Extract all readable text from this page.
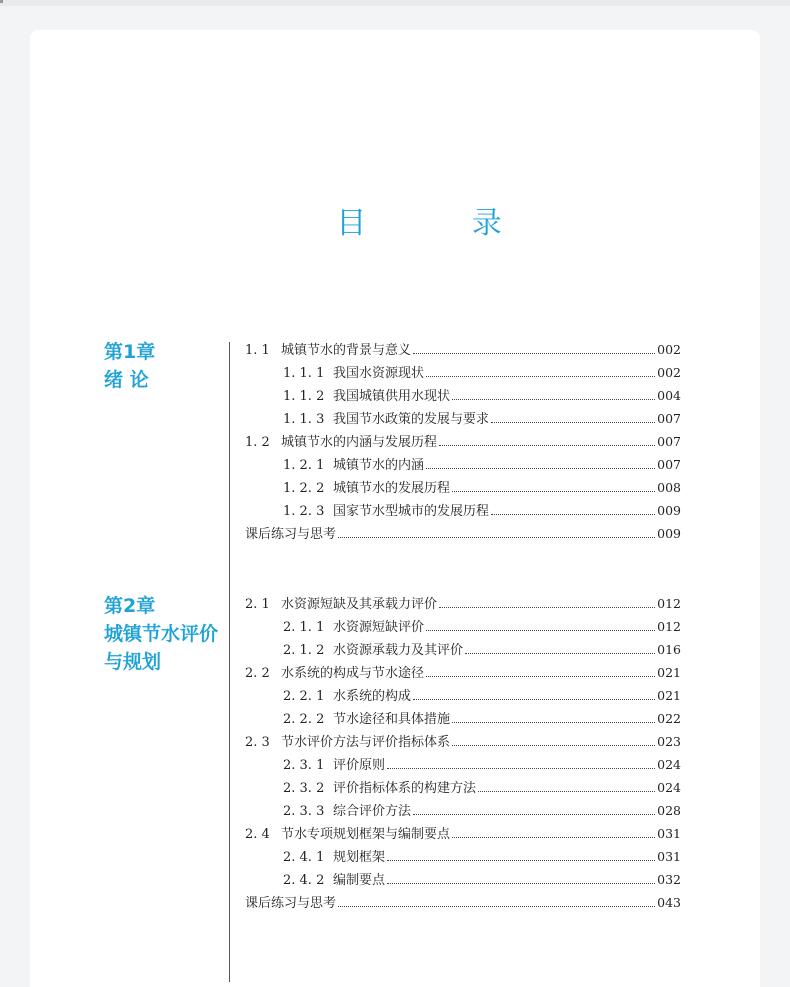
目 录
第1章
绪 论
第2章
城镇节水评价
与规划
1. 1 城镇节水的背景与意义	002
1. 1. 1 我国水资源现状	002
1. 1. 2 我国城镇供用水现状	004
1. 1. 3 我国节水政策的发展与要求	007
1. 2 城镇节水的内涵与发展历程	007
1. 2. 1 城镇节水的内涵	007
1. 2. 2 城镇节水的发展历程	008
1. 2. 3 国家节水型城市的发展历程	009
课后练习与思考	009
2. 1 水资源短缺及其承载力评价	012
2. 1. 1 水资源短缺评价	012
2. 1. 2 水资源承载力及其评价	016
2. 2 水系统的构成与节水途径	021
2. 2. 1 水系统的构成	021
2. 2. 2 节水途径和具体措施	022
2. 3 节水评价方法与评价指标体系	023
2. 3. 1 评价原则	024
2. 3. 2 评价指标体系的构建方法	024
2. 3. 3 综合评价方法	028
2. 4 节水专项规划框架与编制要点	031
2. 4. 1 规划框架	031
2. 4. 2 编制要点	032
课后练习与思考	043
